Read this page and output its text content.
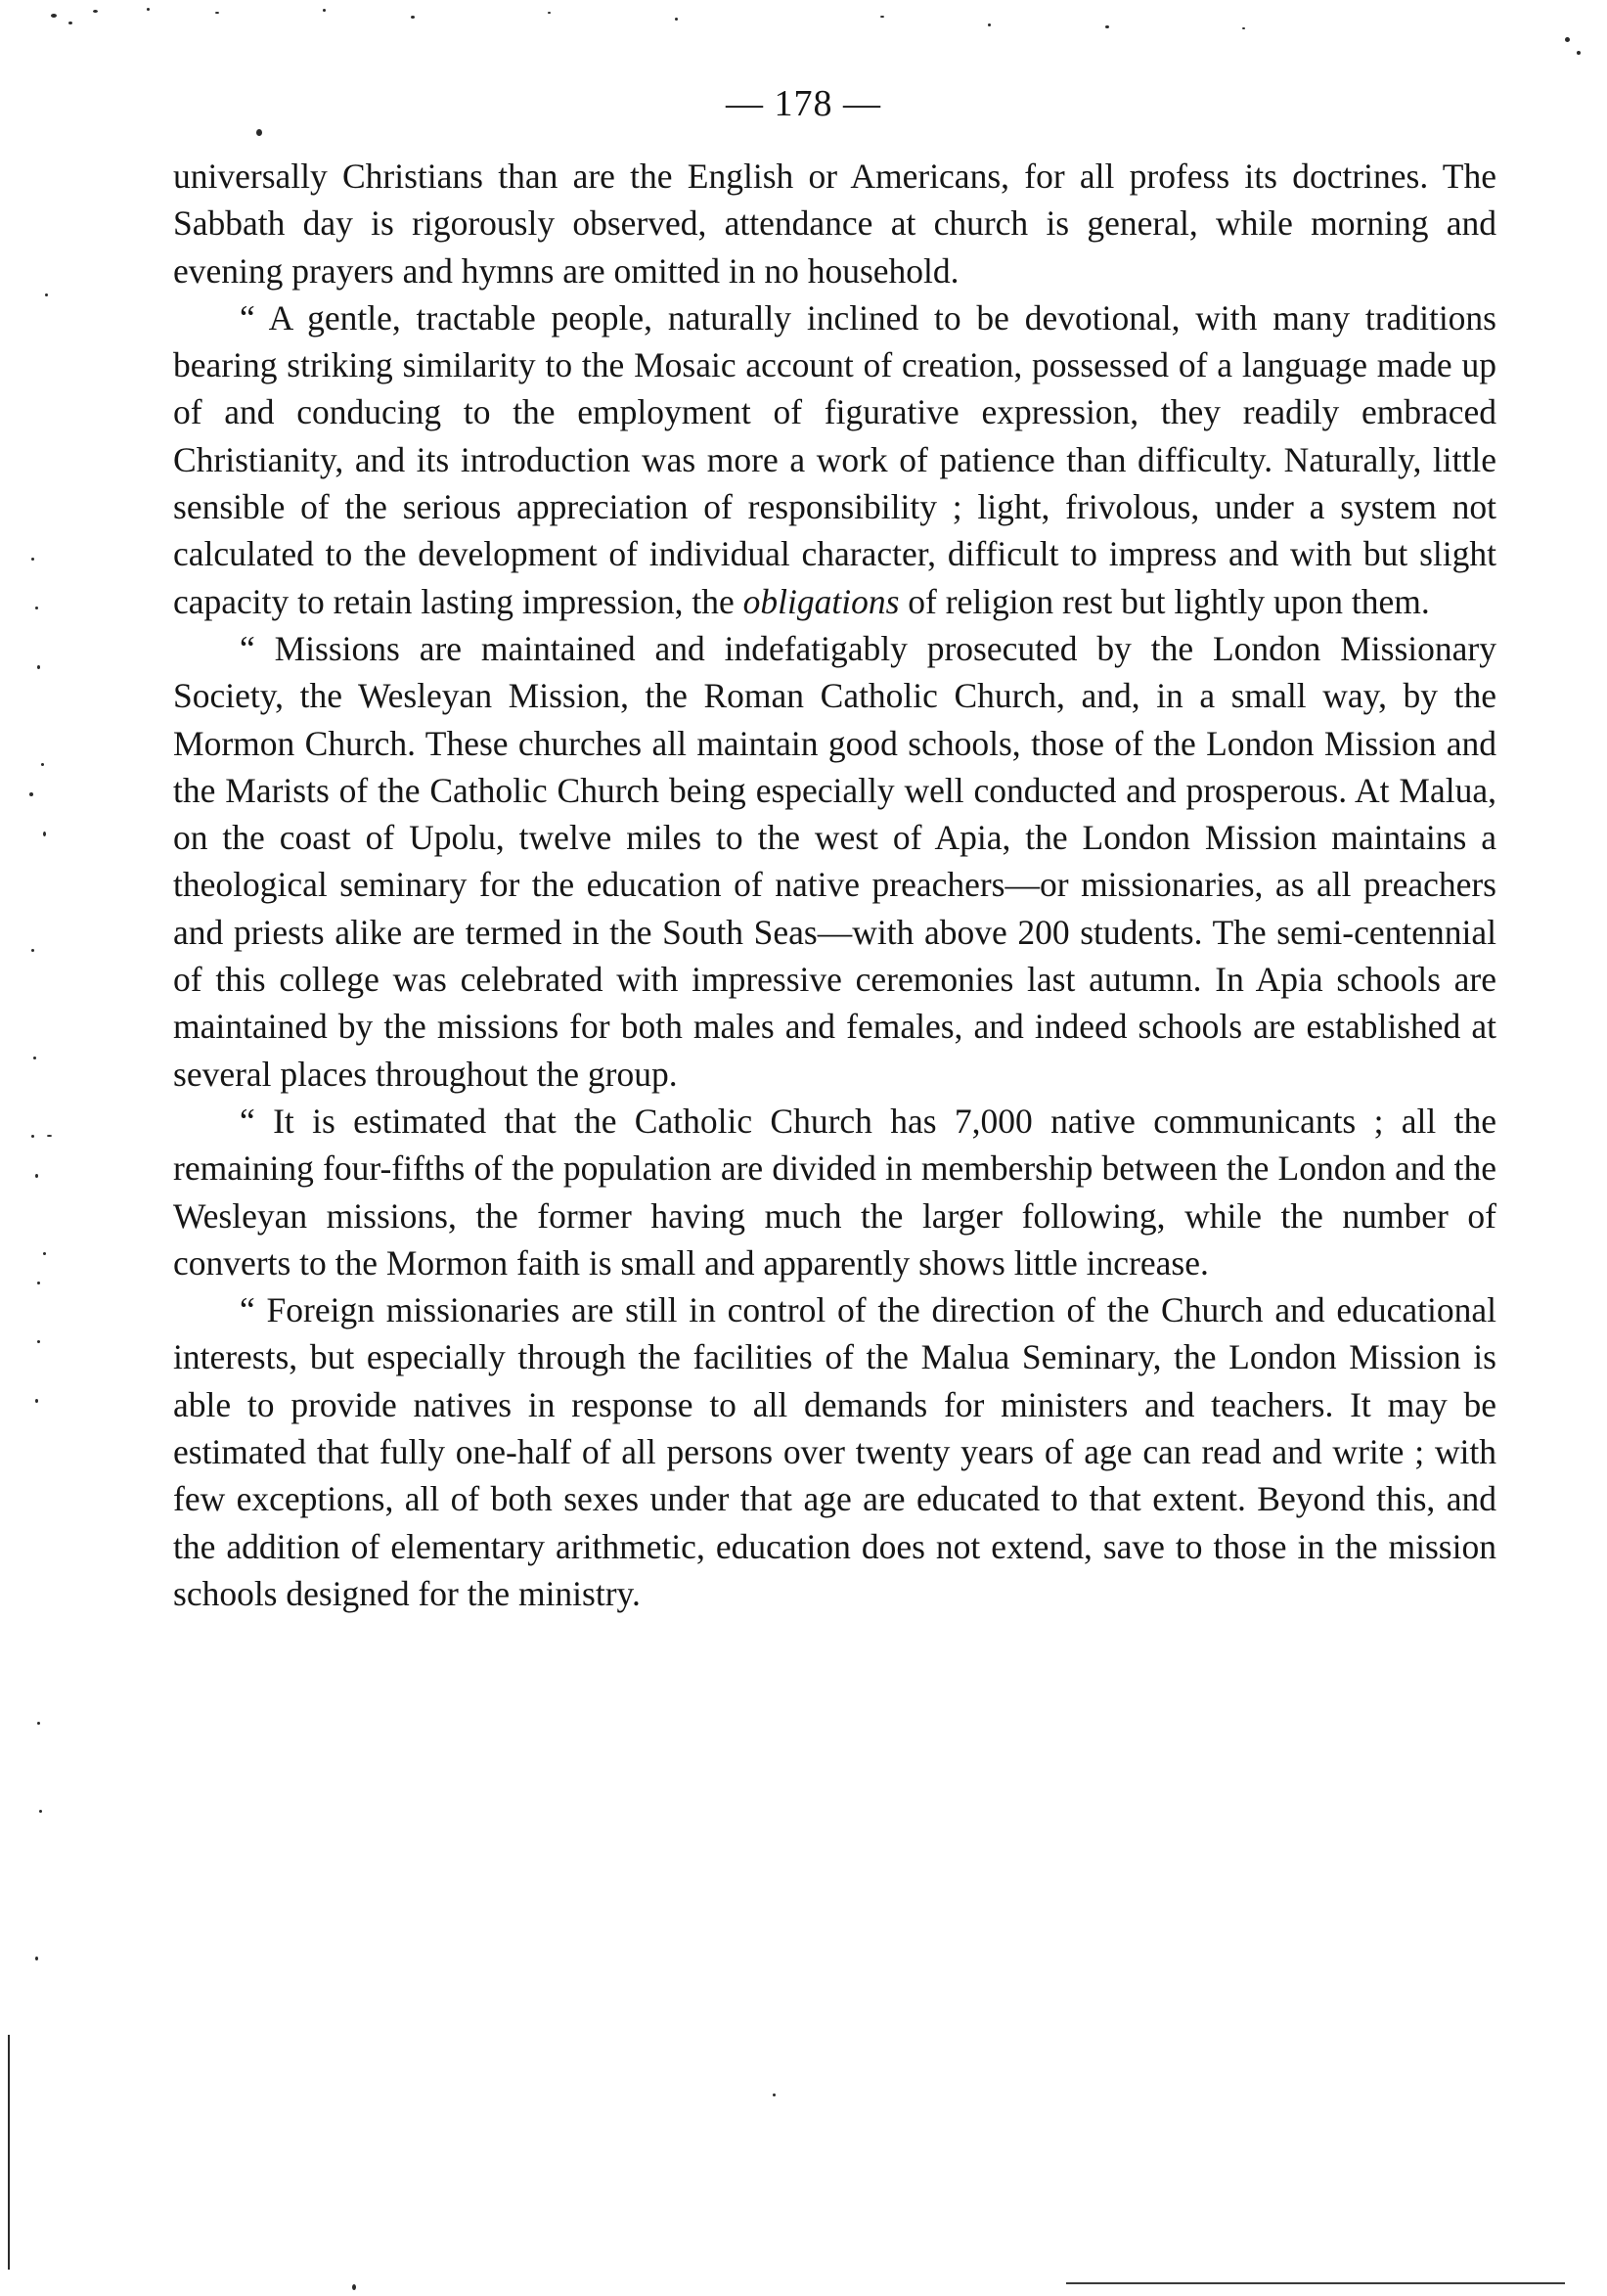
— 178 —

universally Christians than are the English or Americans, for all profess its doctrines. The Sabbath day is rigorously observed, attendance at church is general, while morning and evening prayers and hymns are omitted in no household.

“ A gentle, tractable people, naturally inclined to be devotional, with many traditions bearing striking similarity to the Mosaic account of creation, possessed of a language made up of and conducing to the employment of figurative expression, they readily embraced Christianity, and its introduction was more a work of patience than difficulty. Naturally, little sensible of the serious appreciation of responsibility ; light, frivolous, under a system not calculated to the development of individual character, difficult to impress and with but slight capacity to retain lasting impression, the obligations of religion rest but lightly upon them.

“ Missions are maintained and indefatigably prosecuted by the London Missionary Society, the Wesleyan Mission, the Roman Catholic Church, and, in a small way, by the Mormon Church. These churches all maintain good schools, those of the London Mission and the Marists of the Catholic Church being especially well conducted and prosperous. At Malua, on the coast of Upolu, twelve miles to the west of Apia, the London Mission maintains a theological seminary for the education of native preachers—or missionaries, as all preachers and priests alike are termed in the South Seas—with above 200 students. The semi-centennial of this college was celebrated with impressive ceremonies last autumn. In Apia schools are maintained by the missions for both males and females, and indeed schools are established at several places throughout the group.

“ It is estimated that the Catholic Church has 7,000 native communicants ; all the remaining four-fifths of the population are divided in membership between the London and the Wesleyan missions, the former having much the larger following, while the number of converts to the Mormon faith is small and apparently shows little increase.

“ Foreign missionaries are still in control of the direction of the Church and educational interests, but especially through the facilities of the Malua Seminary, the London Mission is able to provide natives in response to all demands for ministers and teachers. It may be estimated that fully one-half of all persons over twenty years of age can read and write ; with few exceptions, all of both sexes under that age are educated to that extent. Beyond this, and the addition of elementary arithmetic, education does not extend, save to those in the mission schools designed for the ministry.
